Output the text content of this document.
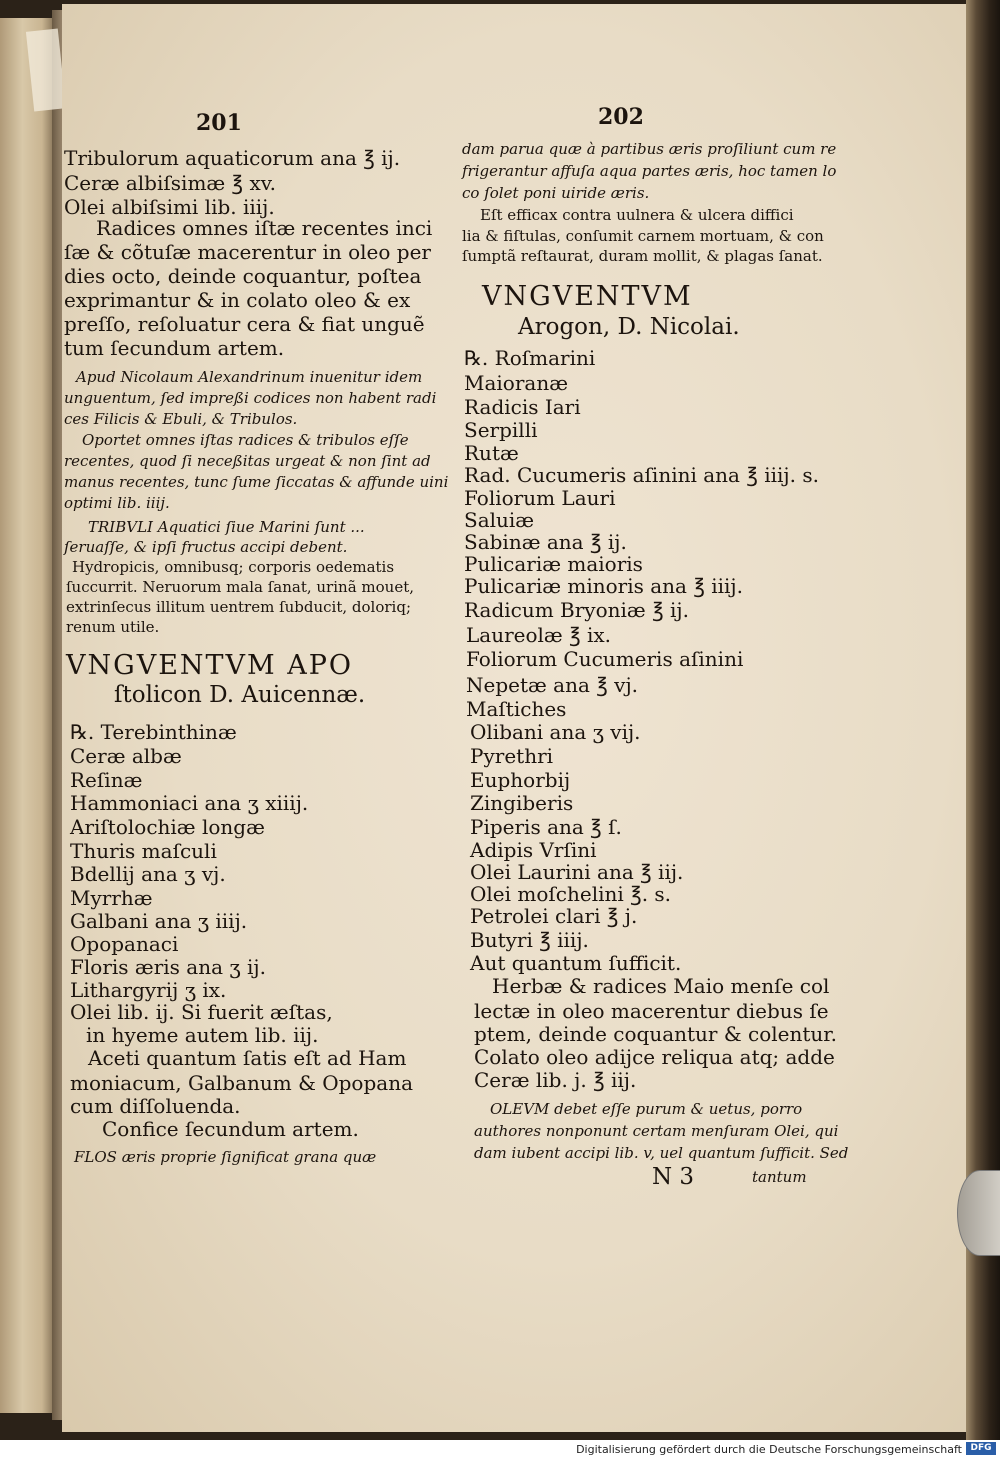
201
Tribulorum aquaticorum ana ℥ ij.
Ceræ albiſsimæ ℥ xv.
Olei albiſsimi lib. iiij.
Radices omnes iſtæ recentes inci
ſæ & cõtuſæ macerentur in oleo per
dies octo, deinde coquantur, poſtea
exprimantur & in colato oleo & ex
preſſo, reſoluatur cera & fiat unguẽ
tum ſecundum artem.
Apud Nicolaum Alexandrinum inuenitur idem
unguentum, ſed impreßi codices non habent radi
ces Filicis & Ebuli, & Tribulos.
Oportet omnes iſtas radices & tribulos eſſe
recentes, quod ſi neceßitas urgeat & non ſint ad
manus recentes, tunc ſume ſiccatas & affunde uini
optimi lib. iiij.
TRIBVLI Aquatici ſiue Marini ſunt ...
ſeruaſſe, & ipſi fructus accipi debent.
Hydropicis, omnibusq; corporis oedematis
ſuccurrit. Neruorum mala ſanat, urinã mouet,
extrinſecus illitum uentrem ſubducit, doloriq;
renum utile.
VNGVENTVM APO
ſtolicon D. Auicennæ.
℞. Terebinthinæ
Ceræ albæ
Reſinæ
Hammoniaci ana ʒ xiiij.
Ariſtolochiæ longæ
Thuris maſculi
Bdellij ana ʒ vj.
Myrrhæ
Galbani ana ʒ iiij.
Opopanaci
Floris æris ana ʒ ij.
Lithargyrij ʒ ix.
Olei lib. ij. Si fuerit æſtas,
in hyeme autem lib. iij.
Aceti quantum ſatis eſt ad Ham
moniacum, Galbanum & Opopana
cum diſſoluenda.
Confice ſecundum artem.
FLOS æris proprie ſignificat grana quæ
202
dam parua quæ à partibus æris proſiliunt cum re
frigerantur affuſa aqua partes æris, hoc tamen lo
co ſolet poni uiride æris.
Eſt efficax contra uulnera & ulcera diffici
lia & fiſtulas, conſumit carnem mortuam, & con
ſumptã reſtaurat, duram mollit, & plagas ſanat.
VNGVENTVM
Arogon, D. Nicolai.
℞. Roſmarini
Maioranæ
Radicis Iari
Serpilli
Rutæ
Rad. Cucumeris aſinini ana ℥ iiij. s.
Foliorum Lauri
Saluiæ
Sabinæ ana ℥ ij.
Pulicariæ maioris
Pulicariæ minoris ana ℥ iiij.
Radicum Bryoniæ ℥ ij.
Laureolæ ℥ ix.
Foliorum Cucumeris aſinini
Nepetæ ana ℥ vj.
Maſtiches
Olibani ana ʒ vij.
Pyrethri
Euphorbij
Zingiberis
Piperis ana ℥ ſ.
Adipis Vrſini
Olei Laurini ana ℥ iij.
Olei moſchelini ℥. s.
Petrolei clari ℥ j.
Butyri ℥ iiij.
Aut quantum ſufficit.
Herbæ & radices Maio menſe col
lectæ in oleo macerentur diebus ſe
ptem, deinde coquantur & colentur.
Colato oleo adijce reliqua atq; adde
Ceræ lib. j. ℥ iij.
OLEVM debet eſſe purum & uetus, porro
authores nonponunt certam menſuram Olei, qui
dam iubent accipi lib. v, uel quantum ſufficit. Sed
N 3	tantum
Digitalisierung gefördert durch die Deutsche Forschungsgemeinschaft DFG
